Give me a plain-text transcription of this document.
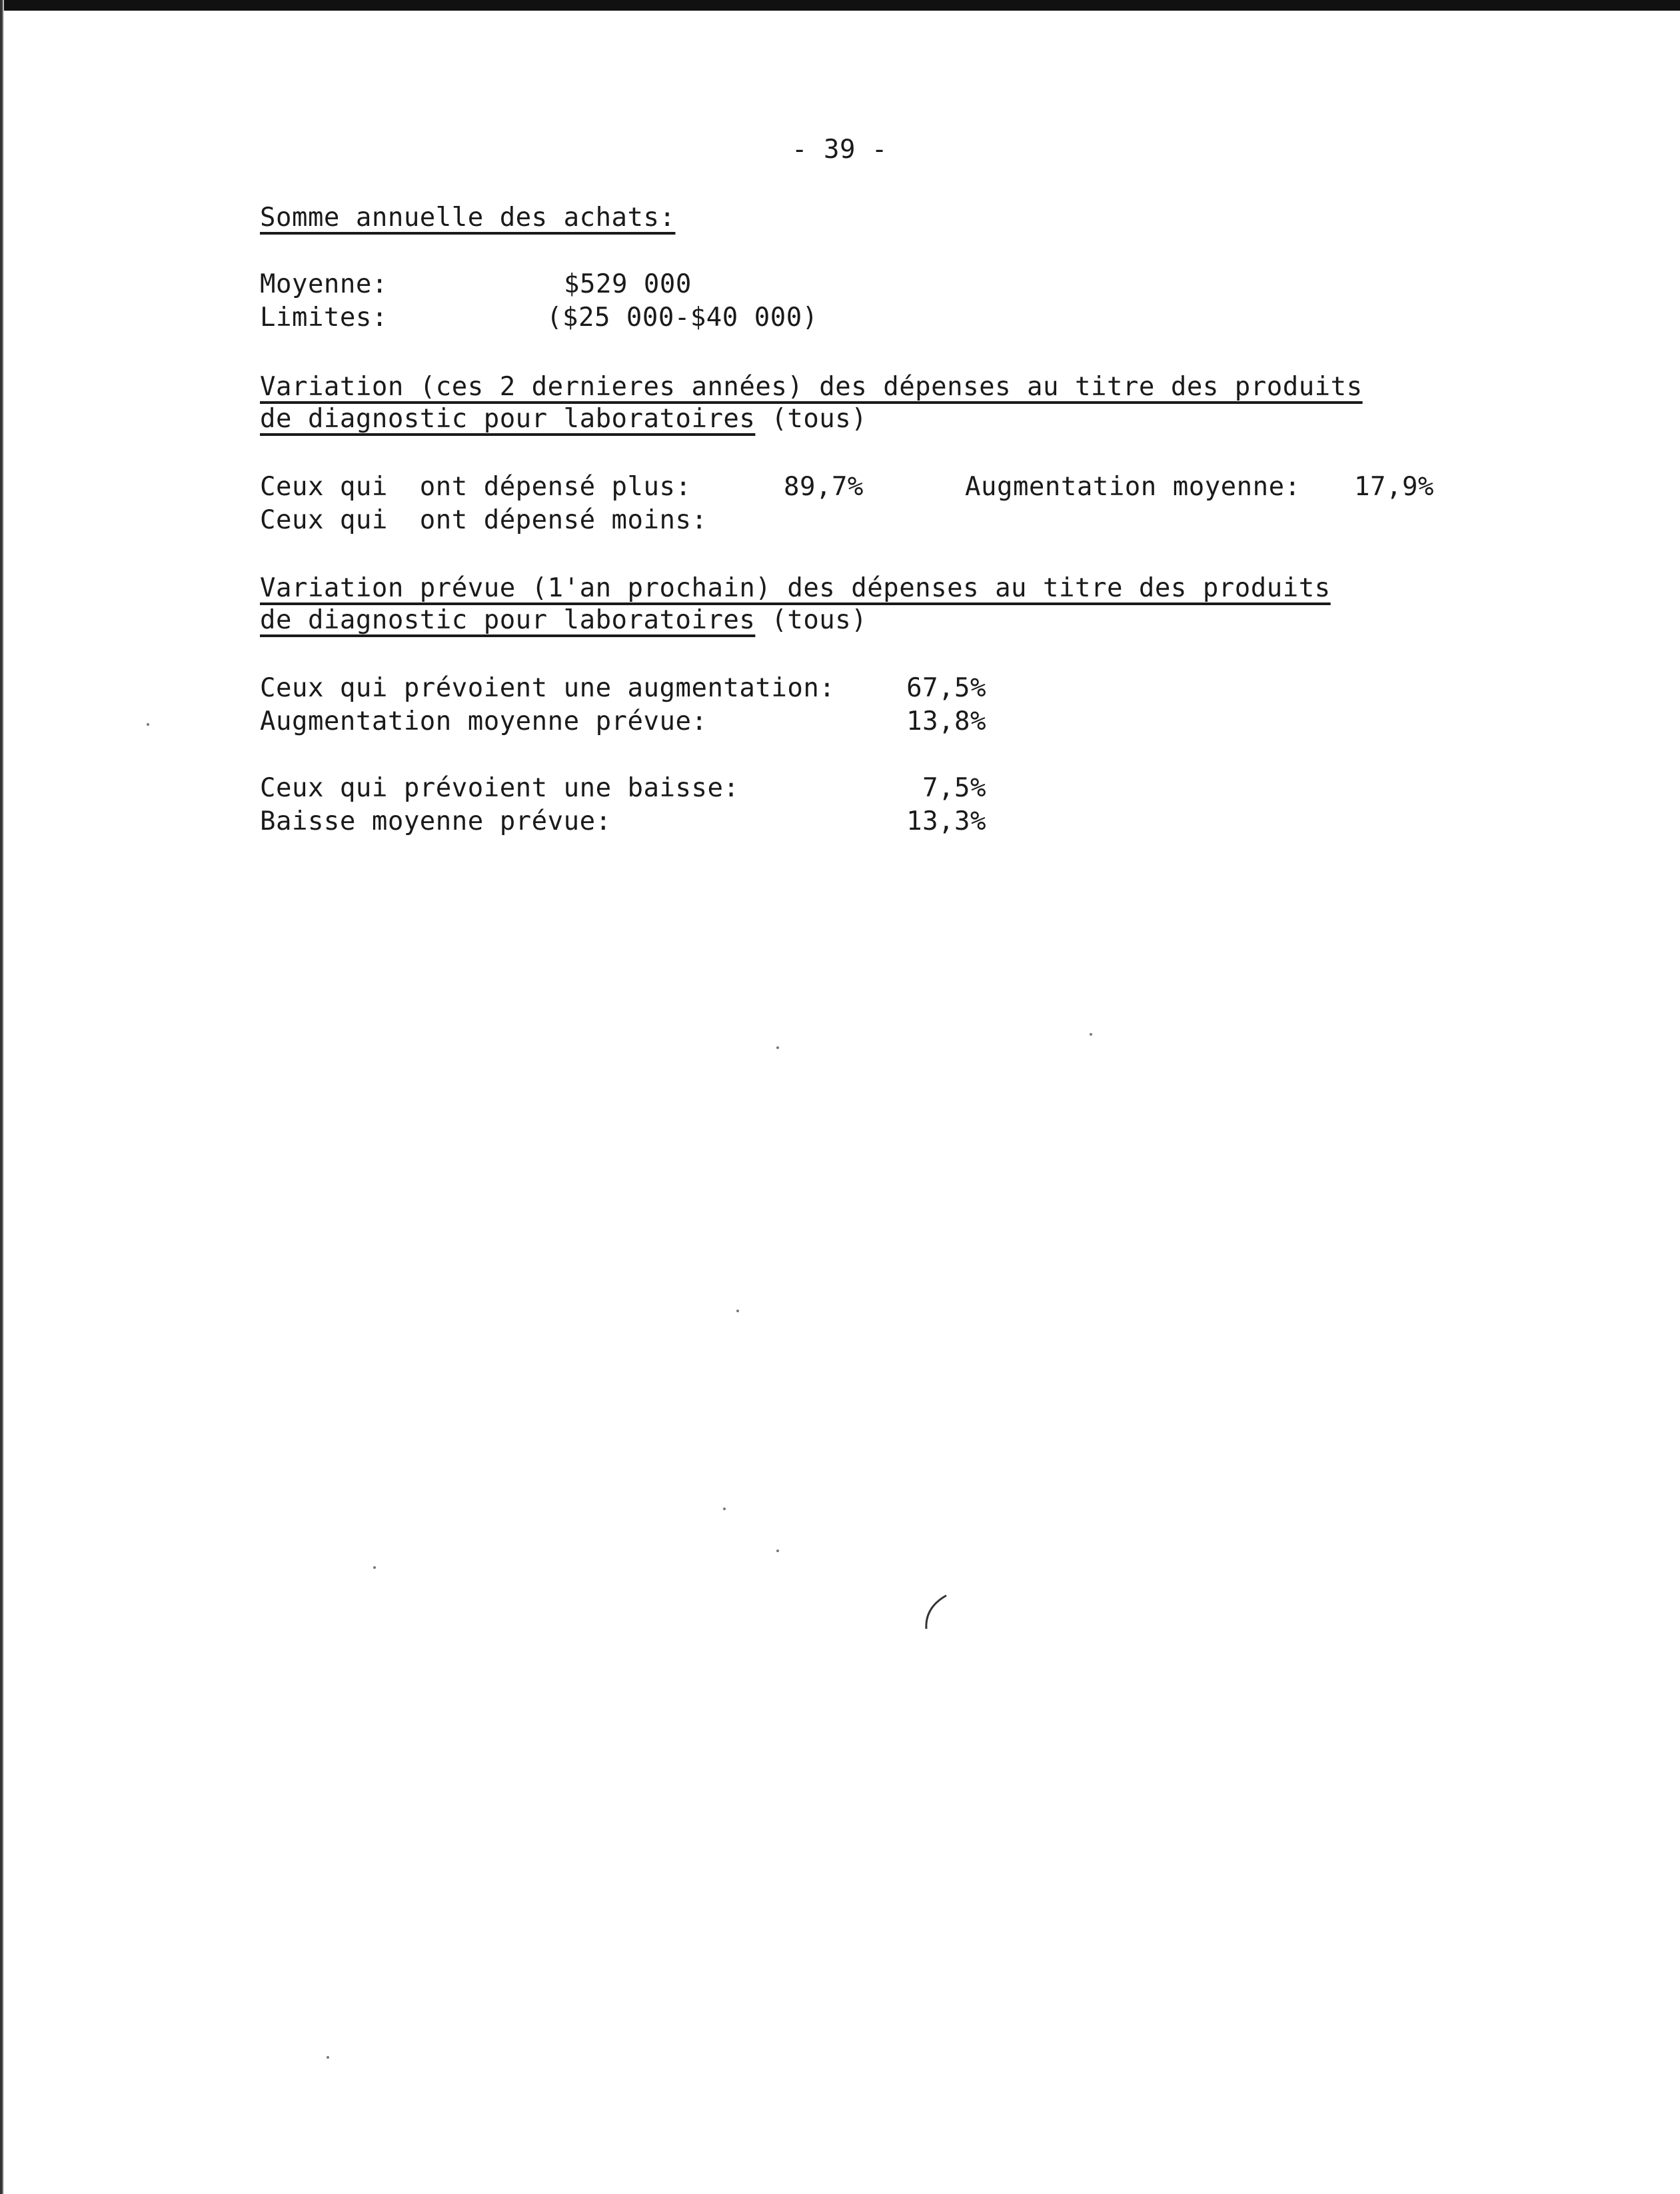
- 39 -
Somme annuelle des achats:
Moyenne:	$529 000
Limites:	($25 000-$40 000)
Variation (ces 2 dernieres années) des dépenses au titre des produits
de diagnostic pour laboratoires (tous)
Ceux qui  ont dépensé plus:	89,7%	Augmentation moyenne: 17,9%
Ceux qui  ont dépensé moins:
Variation prévue (1'an prochain) des dépenses au titre des produits
de diagnostic pour laboratoires (tous)
Ceux qui prévoient une augmentation:	67,5%
Augmentation moyenne prévue:	13,8%
Ceux qui prévoient une baisse:	7,5%
Baisse moyenne prévue:	13,3%
